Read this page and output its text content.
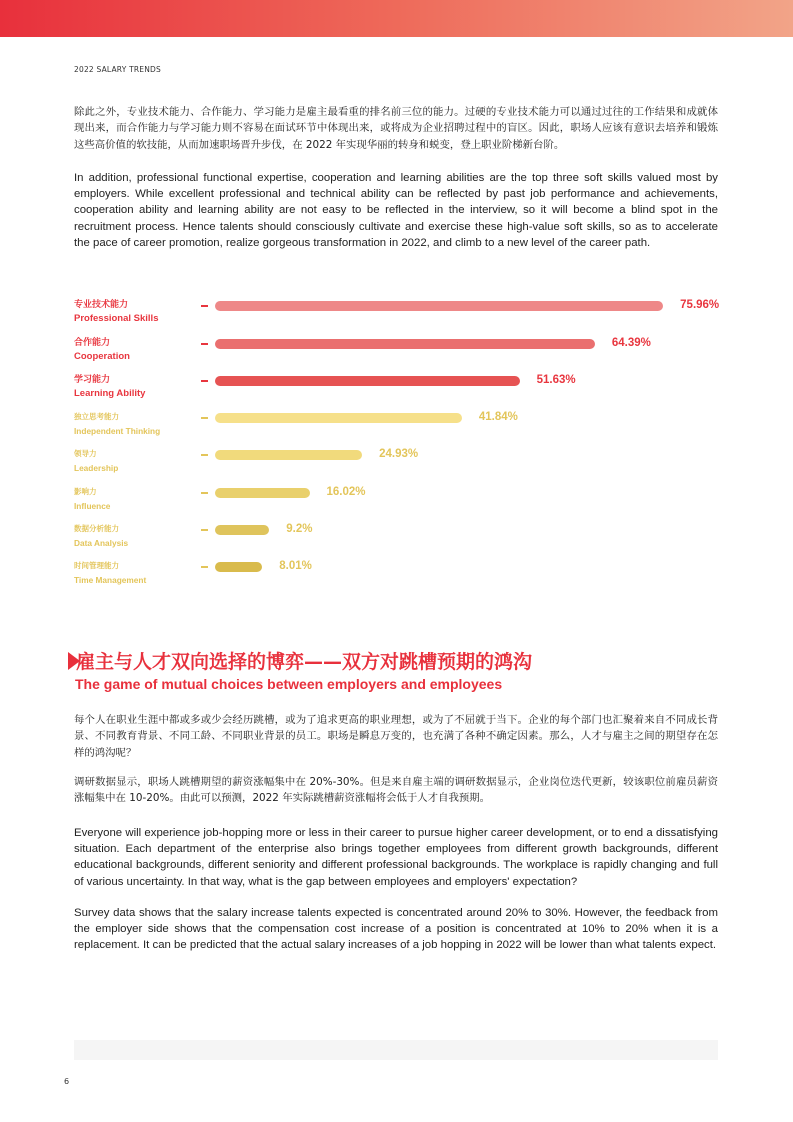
2022 SALARY TRENDS
除此之外，专业技术能力、合作能力、学习能力是雇主最看重的排名前三位的能力。过硬的专业技术能力可以通过过往的工作结果和成就体现出来，而合作能力与学习能力则不容易在面试环节中体现出来，或将成为企业招聘过程中的盲区。因此，职场人应该有意识去培养和锻炼这些高价值的软技能，从而加速职场晋升步伐，在 2022 年实现华丽的转身和蜕变，登上职业阶梯新台阶。
In addition, professional functional expertise, cooperation and learning abilities are the top three soft skills valued most by employers. While excellent professional and technical ability can be reflected by past job performance and achievements, cooperation ability and learning ability are not easy to be reflected in the interview, so it will become a blind spot in the recruitment process. Hence talents should consciously cultivate and exercise these high-value soft skills, so as to accelerate the pace of career promotion, realize gorgeous transformation in 2022, and climb to a new level of the career path.
专业技术能力
Professional Skills
75.96%
合作能力
Cooperation
64.39%
学习能力
Learning Ability
51.63%
独立思考能力
Independent Thinking
41.84%
领导力
Leadership
24.93%
影响力
Influence
16.02%
数据分析能力
Data Analysis
9.2%
时间管理能力
Time Management
8.01%
雇主与人才双向选择的博弈——双方对跳槽预期的鸿沟
The game of mutual choices between employers and employees
每个人在职业生涯中都或多或少会经历跳槽，或为了追求更高的职业理想，或为了不屈就于当下。企业的每个部门也汇聚着来自不同成长背景、不同教育背景、不同工龄、不同职业背景的员工。职场是瞬息万变的，也充满了各种不确定因素。那么，人才与雇主之间的期望存在怎样的鸿沟呢？
调研数据显示，职场人跳槽期望的薪资涨幅集中在 20%-30%。但是来自雇主端的调研数据显示，企业岗位迭代更新，较该职位前雇员薪资涨幅集中在 10-20%。由此可以预测，2022 年实际跳槽薪资涨幅将会低于人才自我预期。
Everyone will experience job-hopping more or less in their career to pursue higher career development, or to end a dissatisfying situation. Each department of the enterprise also brings together employees from different growth backgrounds, different educational backgrounds, different seniority and different professional backgrounds. The workplace is rapidly changing and full of various uncertainty. In that way, what is the gap between employees and employers' expectation?
Survey data shows that the salary increase talents expected is concentrated around 20% to 30%. However, the feedback from the employer side shows that the compensation cost increase of a position is concentrated at 10% to 20% when it is a replacement. It can be predicted that the actual salary increases of a job hopping in 2022 will be lower than what talents expect.
6
